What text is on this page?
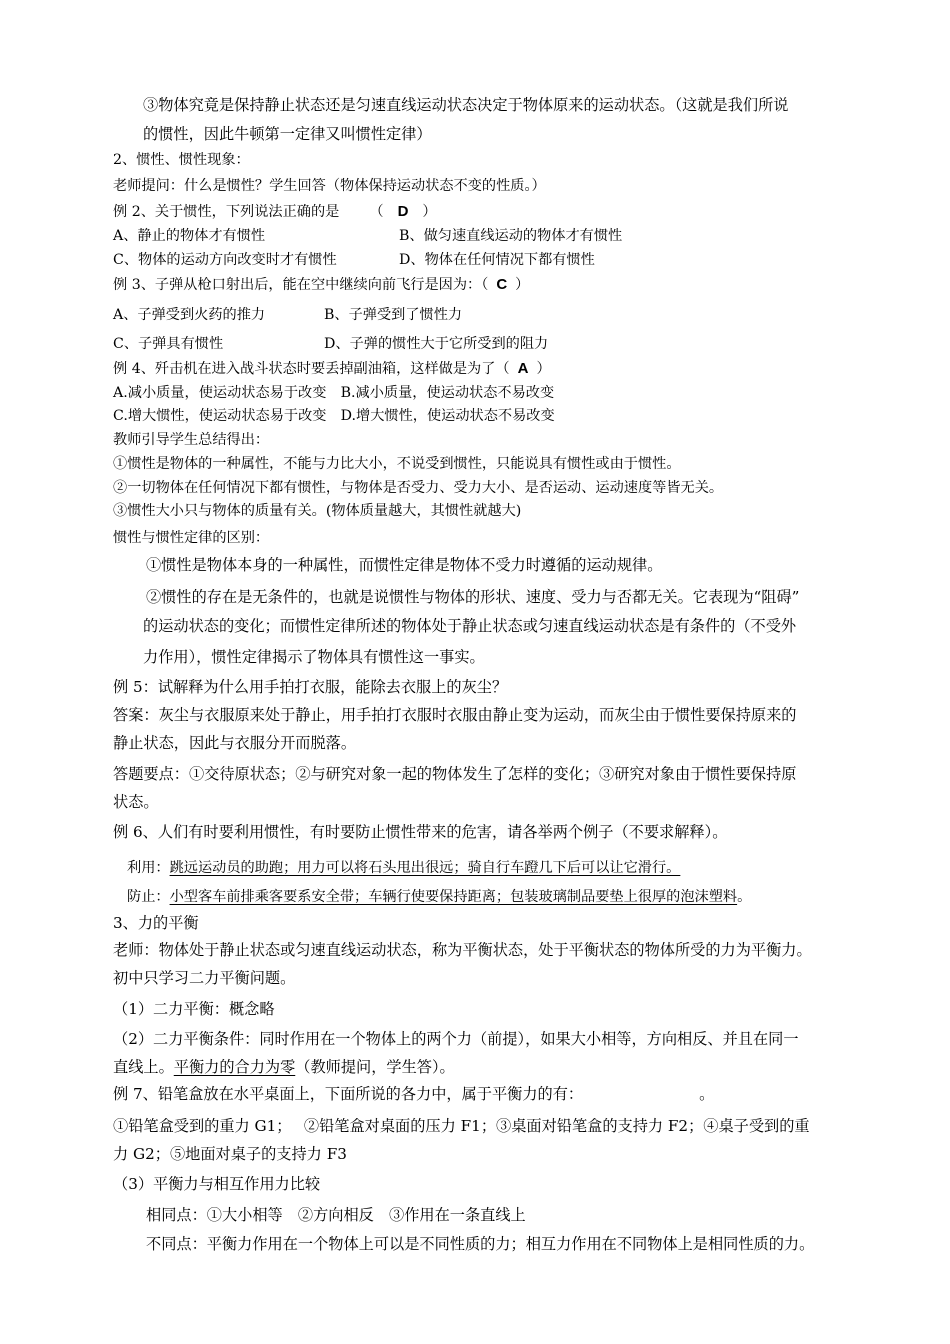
③物体究竟是保持静止状态还是匀速直线运动状态决定于物体原来的运动状态。（这就是我们所说
的惯性，因此牛顿第一定律又叫惯性定律）
2、惯性、惯性现象：
老师提问：什么是惯性？学生回答（物体保持运动状态不变的性质。）
例 2、关于惯性，下列说法正确的是 （ D ）
A、静止的物体才有惯性	B、做匀速直线运动的物体才有惯性
C、物体的运动方向改变时才有惯性	D、物体在任何情况下都有惯性
例 3、子弹从枪口射出后，能在空中继续向前飞行是因为：（ C ）
A、子弹受到火药的推力	B、子弹受到了惯性力
C、子弹具有惯性	D、子弹的惯性大于它所受到的阻力
例 4、歼击机在进入战斗状态时要丢掉副油箱，这样做是为了（ A ）
A.减小质量，使运动状态易于改变　B.减小质量，使运动状态不易改变
C.增大惯性，使运动状态易于改变　D.增大惯性，使运动状态不易改变
教师引导学生总结得出：
①惯性是物体的一种属性，不能与力比大小，不说受到惯性，只能说具有惯性或由于惯性。
②一切物体在任何情况下都有惯性，与物体是否受力、受力大小、是否运动、运动速度等皆无关。
③惯性大小只与物体的质量有关。(物体质量越大，其惯性就越大)
惯性与惯性定律的区别：
①惯性是物体本身的一种属性，而惯性定律是物体不受力时遵循的运动规律。
②惯性的存在是无条件的，也就是说惯性与物体的形状、速度、受力与否都无关。它表现为“阻碍”
的运动状态的变化；而惯性定律所述的物体处于静止状态或匀速直线运动状态是有条件的（不受外
力作用），惯性定律揭示了物体具有惯性这一事实。
例 5：试解释为什么用手拍打衣服，能除去衣服上的灰尘？
答案：灰尘与衣服原来处于静止，用手拍打衣服时衣服由静止变为运动，而灰尘由于惯性要保持原来的
静止状态，因此与衣服分开而脱落。
答题要点：①交待原状态；②与研究对象一起的物体发生了怎样的变化；③研究对象由于惯性要保持原
状态。
例 6、人们有时要利用惯性，有时要防止惯性带来的危害，请各举两个例子（不要求解释）。
利用：跳远运动员的助跑；用力可以将石头甩出很远；骑自行车蹬几下后可以让它滑行。
防止：小型客车前排乘客要系安全带；车辆行使要保持距离；包装玻璃制品要垫上很厚的泡沫塑料。
3、力的平衡
老师：物体处于静止状态或匀速直线运动状态，称为平衡状态，处于平衡状态的物体所受的力为平衡力。
初中只学习二力平衡问题。
（1）二力平衡：概念略
（2）二力平衡条件：同时作用在一个物体上的两个力（前提），如果大小相等，方向相反、并且在同一
直线上。平衡力的合力为零（教师提问，学生答）。
例 7、铅笔盒放在水平桌面上，下面所说的各力中，属于平衡力的有：	。
①铅笔盒受到的重力 G1；　 ②铅笔盒对桌面的压力 F1；③桌面对铅笔盒的支持力 F2；④桌子受到的重
力 G2；⑤地面对桌子的支持力 F3
（3）平衡力与相互作用力比较
相同点：①大小相等　②方向相反　③作用在一条直线上
不同点：平衡力作用在一个物体上可以是不同性质的力；相互力作用在不同物体上是相同性质的力。
